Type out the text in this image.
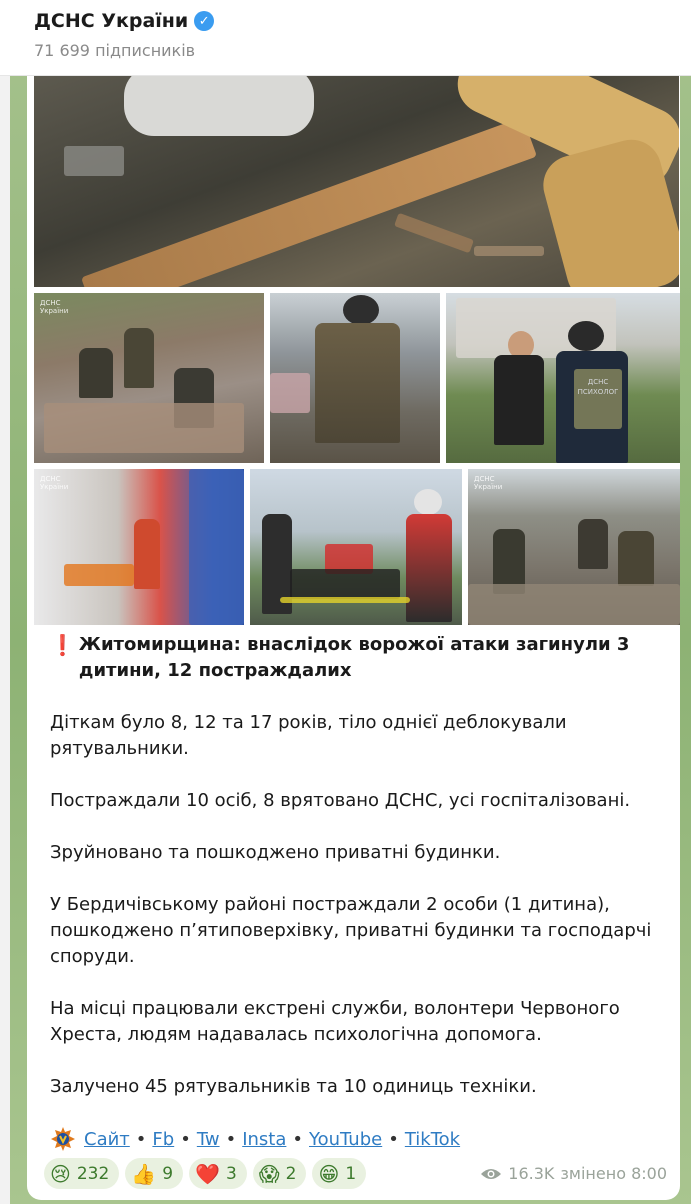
ДСНС України ✓
71 699 підписників
ДСНС України
ДСНС ПСИХОЛОГ
ДСНС України
ДСНС України
❗ Житомирщина: внаслідок ворожої атаки загинули 3 дитини, 12 постраждалих
Діткам було 8, 12 та 17 років, тіло однієї деблокували рятувальники.
Постраждали 10 осіб, 8 врятовано ДСНС, усі госпіталізовані.
Зруйновано та пошкоджено приватні будинки.
У Бердичівському районі постраждали 2 особи (1 дитина), пошкоджено п’ятиповерхівку, приватні будинки та господарчі споруди.
На місці працювали екстрені служби, волонтери Червоного Хреста, людям надавалась психологічна допомога.
Залучено 45 рятувальників та 10 одиниць техніки.
Сайт • Fb • Tw • Insta • YouTube • TikTok
😢 232 👍 9 ❤️ 3 😱 2 😁 1	16.3K змінено 8:00
